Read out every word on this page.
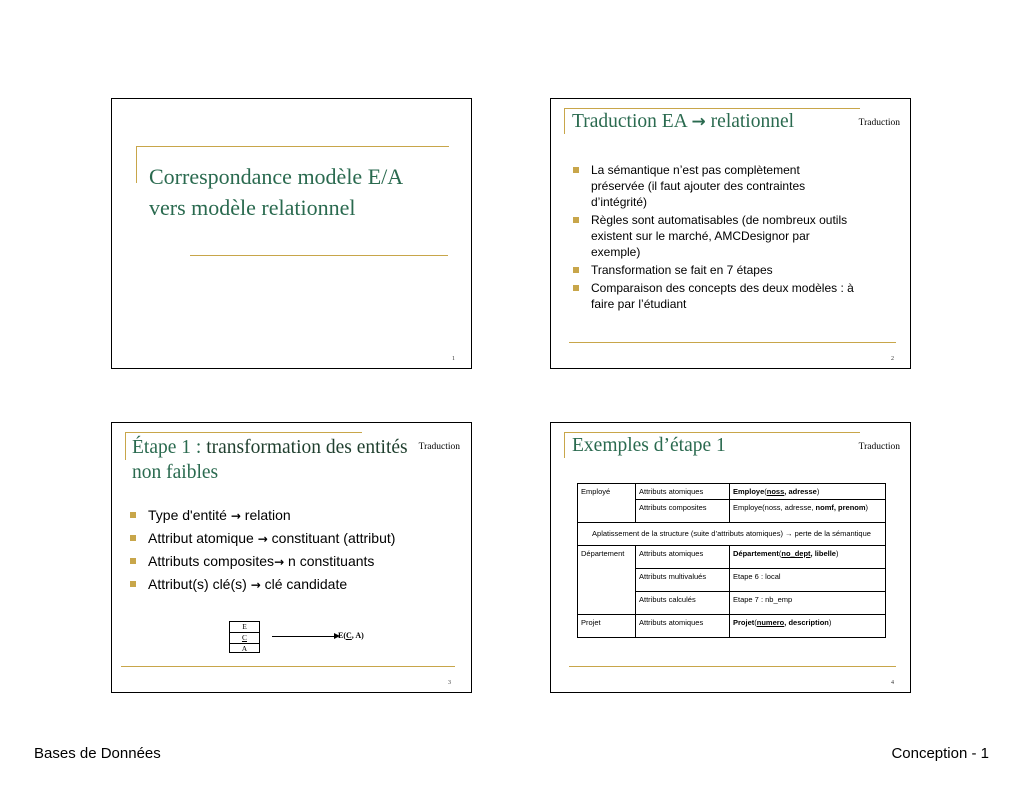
Correspondance modèle E/A
vers modèle relationnel
1
Traduction EA → relationnel	Traduction
La sémantique n’est pas complètement
préservée (il faut ajouter des contraintes
d’intégrité)
Règles sont automatisables (de nombreux outils
existent sur le marché, AMCDesignor par
exemple)
Transformation se fait en 7 étapes
Comparaison des concepts des deux modèles : à
faire par l’étudiant
2
Étape 1 : transformation des entités
non faibles
Traduction
Type d'entité → relation
Attribut atomique → constituant (attribut)
Attributs composites→ n constituants
Attribut(s) clé(s) → clé candidate
E
C
A
E(C, A)
3
Exemples d’étape 1	Traduction
Employé	Attributs atomiques	Employe(noss, adresse)
	Attributs composites	Employe(noss, adresse, nomf, prenom)
Aplatissement de la structure (suite d’attributs atomiques) → perte de la sémantique		
Département	Attributs atomiques	Département(no_dept, libelle)
	Attributs multivalués	Etape 6 : local
	Attributs calculés	Etape 7 : nb_emp
Projet	Attributs atomiques	Projet(numero, description)
4
Bases de Données	Conception - 1
